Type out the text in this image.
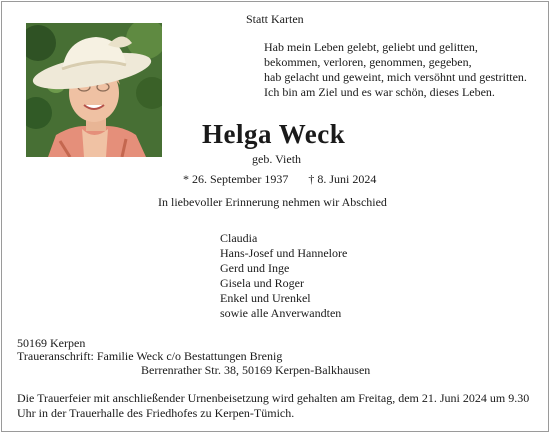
Statt Karten
Hab mein Leben gelebt, geliebt und gelitten,
bekommen, verloren, genommen, gegeben,
hab gelacht und geweint, mich versöhnt und gestritten.
Ich bin am Ziel und es war schön, dieses Leben.
Helga Weck
geb. Vieth
* 26. September 1937 † 8. Juni 2024
In liebevoller Erinnerung nehmen wir Abschied
Claudia
Hans-Josef und Hannelore
Gerd und Inge
Gisela und Roger
Enkel und Urenkel
sowie alle Anverwandten
50169 Kerpen
Traueranschrift: Familie Weck c/o Bestattungen Brenig
Berrenrather Str. 38, 50169 Kerpen-Balkhausen
Die Trauerfeier mit anschließender Urnenbeisetzung wird gehalten am Freitag, dem 21. Juni 2024 um 9.30 Uhr in der Trauerhalle des Friedhofes zu Kerpen-Tümich.
